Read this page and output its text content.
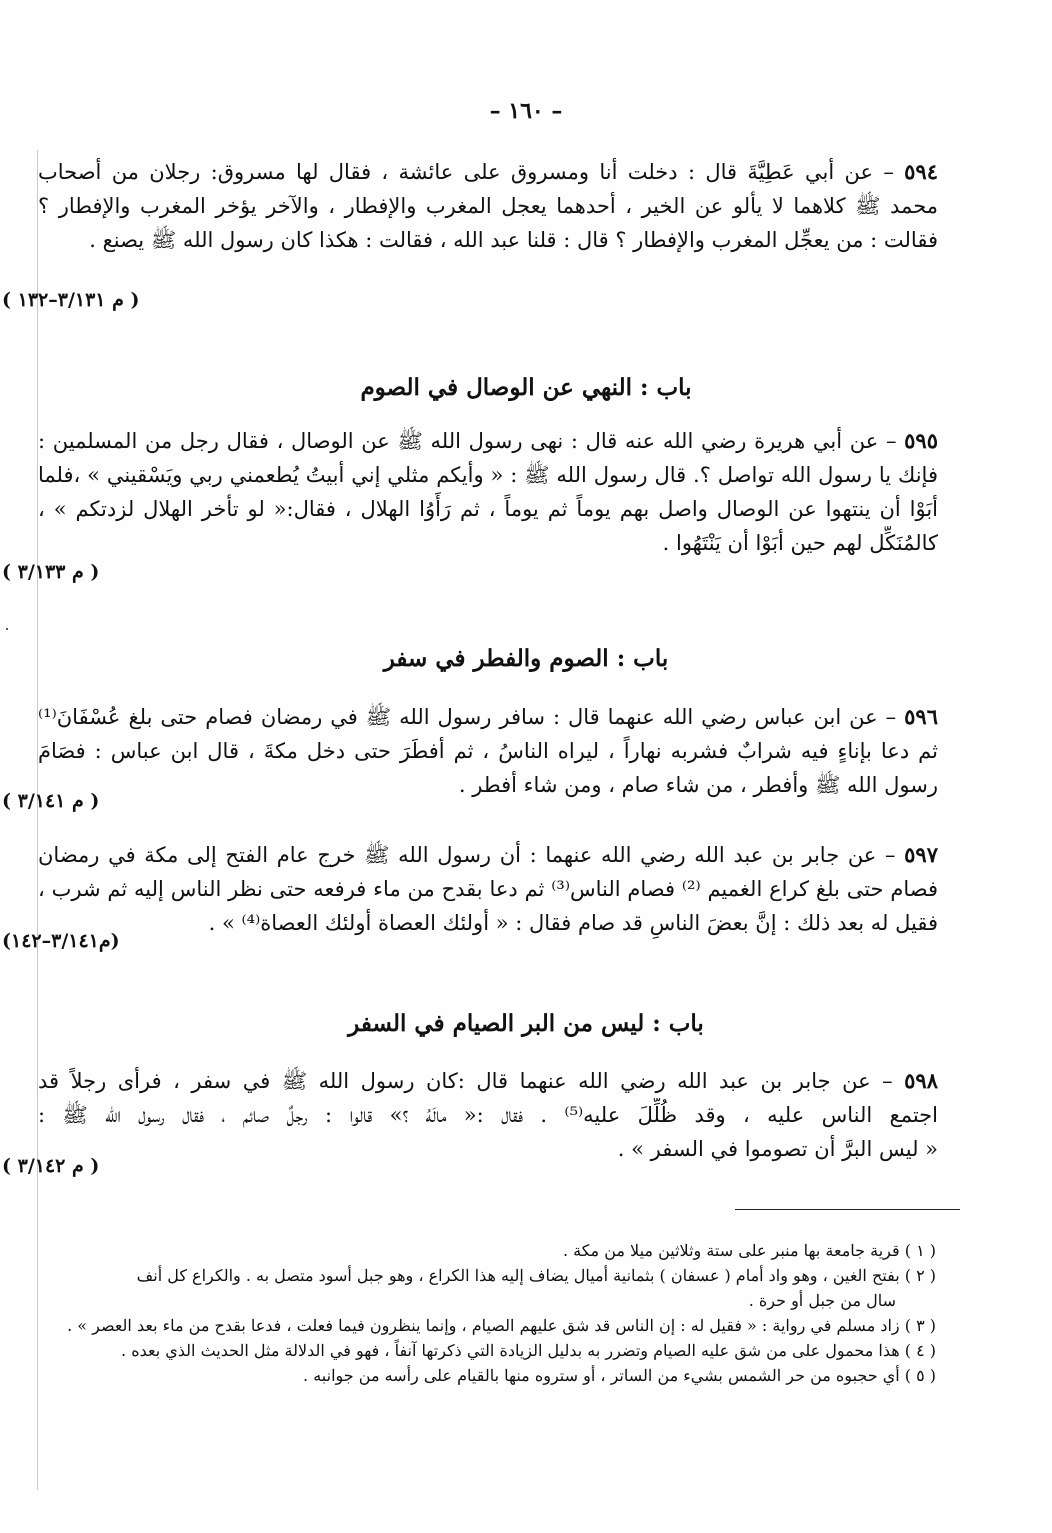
– ١٦٠ –
٥٩٤ – عن أبي عَطِيَّةَ قال : دخلت أنا ومسروق على عائشة ، فقال لها مسروق: رجلان من أصحاب
محمد ﷺ كلاهما لا يألو عن الخير ، أحدهما يعجل المغرب والإفطار ، والآخر يؤخر المغرب والإفطار ؟
فقالت : من يعجِّل المغرب والإفطار ؟ قال : قلنا عبد الله ، فقالت : هكذا كان رسول الله ﷺ يصنع .
( م ٣/١٣١–١٣٢ )
باب : النهي عن الوصال في الصوم
٥٩٥ – عن أبي هريرة رضي الله عنه قال : نهى رسول الله ﷺ عن الوصال ، فقال رجل من المسلمين :
فإنك يا رسول الله تواصل ؟. قال رسول الله ﷺ : « وأيكم مثلي إني أبيتُ يُطعمني ربي ويَسْقيني » ،فلما
أبَوْا أن ينتهوا عن الوصال واصل بهم يوماً ثم يوماً ، ثم رَأَوُا الهلال ، فقال:« لو تأخر الهلال لزدتكم » ،
كالمُنَكِّل لهم حين أبَوْا أن يَنْتَهُوا .
( م ٣/١٣٣ )
باب : الصوم والفطر في سفر
٥٩٦ – عن ابن عباس رضي الله عنهما قال : سافر رسول الله ﷺ في رمضان فصام حتى بلغ عُسْفَانَ⁽¹⁾
ثم دعا بإناءٍ فيه شرابٌ فشربه نهاراً ، ليراه الناسُ ، ثم أفطَرَ حتى دخل مكةَ ، قال ابن عباس : فصَامَ
رسول الله ﷺ وأفطر ، من شاء صام ، ومن شاء أفطر .
( م ٣/١٤١ )
٥٩٧ – عن جابر بن عبد الله رضي الله عنهما : أن رسول الله ﷺ خرج عام الفتح إلى مكة في رمضان
فصام حتى بلغ كراع الغميم ⁽²⁾ فصام الناس⁽³⁾ ثم دعا بقدح من ماء فرفعه حتى نظر الناس إليه ثم شرب ،
فقيل له بعد ذلك : إنَّ بعضَ الناسِ قد صام فقال : « أولئك العصاة أولئك العصاة⁽⁴⁾ » .
(م٣/١٤١–١٤٢)
باب : ليس من البر الصيام في السفر
٥٩٨ – عن جابر بن عبد الله رضي الله عنهما قال :كان رسول الله ﷺ في سفر ، فرأى رجلاً قد
اجتمع الناس عليه ، وقد ظُلِّلَ عليه⁽⁵⁾ . فقال :« مالَهُ ؟» قالوا : رجلٌ صائم ، فقال رسول الله ﷺ :
« ليس البرَّ أن تصوموا في السفر » .
( م ٣/١٤٢ )
( ١ ) قرية جامعة بها منبر على ستة وثلاثين ميلا من مكة .
( ٢ ) بفتح الغين ، وهو واد أمام ( عسفان ) بثمانية أميال يضاف إليه هذا الكراع ، وهو جبل أسود متصل به . والكراع كل أنف
سال من جبل أو حرة .
( ٣ ) زاد مسلم في رواية : « فقيل له : إن الناس قد شق عليهم الصيام ، وإنما ينظرون فيما فعلت ، فدعا بقدح من ماء بعد العصر » .
( ٤ ) هذا محمول على من شق عليه الصيام وتضرر به بدليل الزيادة التي ذكرتها آنفاً ، فهو في الدلالة مثل الحديث الذي بعده .
( ٥ ) أي حجبوه من حر الشمس بشيء من الساتر ، أو ستروه منها بالقيام على رأسه من جوانبه .
